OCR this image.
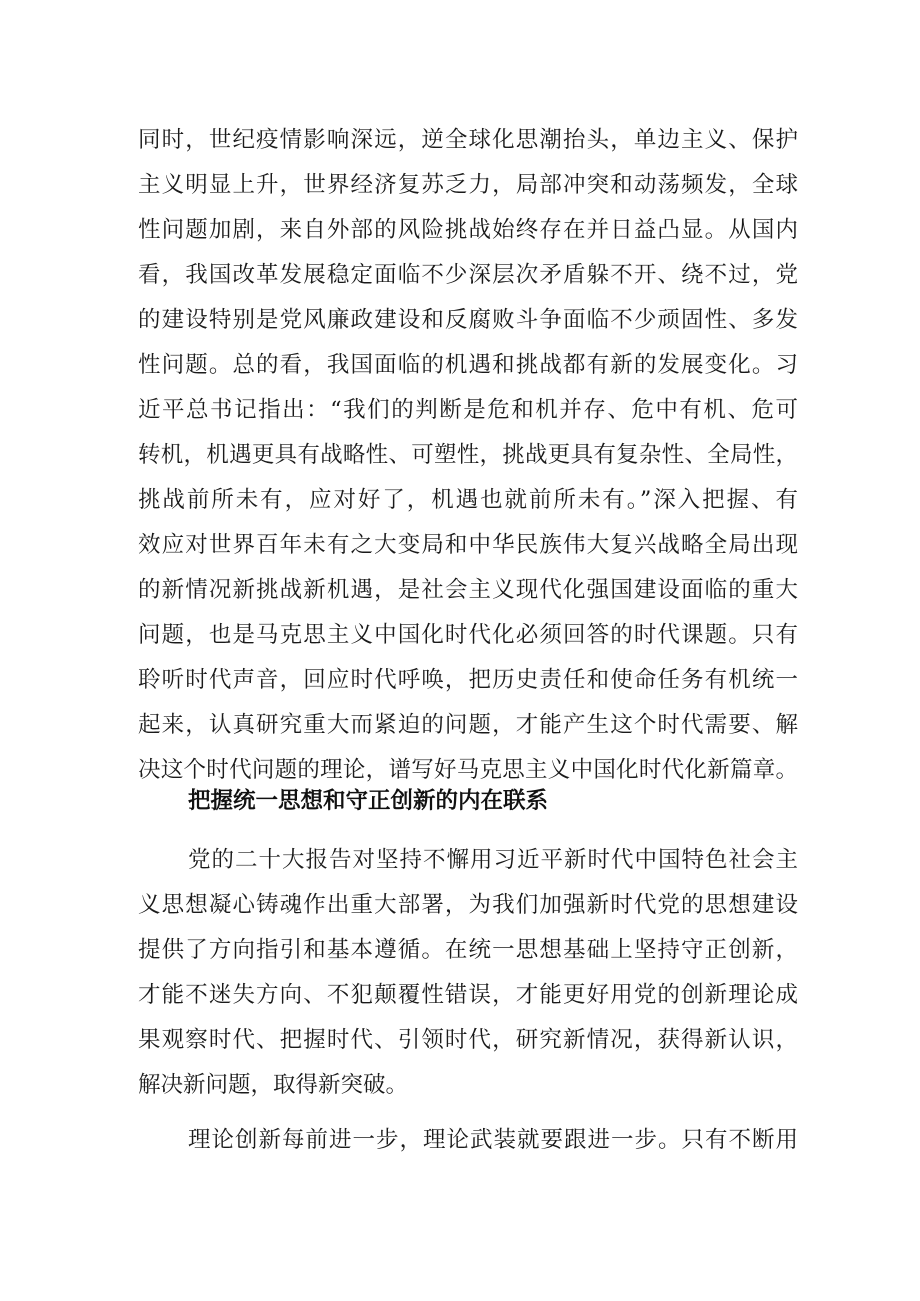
同时，世纪疫情影响深远，逆全球化思潮抬头，单边主义、保护
主义明显上升，世界经济复苏乏力，局部冲突和动荡频发，全球
性问题加剧，来自外部的风险挑战始终存在并日益凸显。从国内
看，我国改革发展稳定面临不少深层次矛盾躲不开、绕不过，党
的建设特别是党风廉政建设和反腐败斗争面临不少顽固性、多发
性问题。总的看，我国面临的机遇和挑战都有新的发展变化。习
近平总书记指出：“我们的判断是危和机并存、危中有机、危可
转机，机遇更具有战略性、可塑性，挑战更具有复杂性、全局性，
挑战前所未有，应对好了，机遇也就前所未有。”深入把握、有
效应对世界百年未有之大变局和中华民族伟大复兴战略全局出现
的新情况新挑战新机遇，是社会主义现代化强国建设面临的重大
问题，也是马克思主义中国化时代化必须回答的时代课题。只有
聆听时代声音，回应时代呼唤，把历史责任和使命任务有机统一
起来，认真研究重大而紧迫的问题，才能产生这个时代需要、解
决这个时代问题的理论，谱写好马克思主义中国化时代化新篇章。
把握统一思想和守正创新的内在联系
党的二十大报告对坚持不懈用习近平新时代中国特色社会主
义思想凝心铸魂作出重大部署，为我们加强新时代党的思想建设
提供了方向指引和基本遵循。在统一思想基础上坚持守正创新，
才能不迷失方向、不犯颠覆性错误，才能更好用党的创新理论成
果观察时代、把握时代、引领时代，研究新情况，获得新认识，
解决新问题，取得新突破。
理论创新每前进一步，理论武装就要跟进一步。只有不断用
